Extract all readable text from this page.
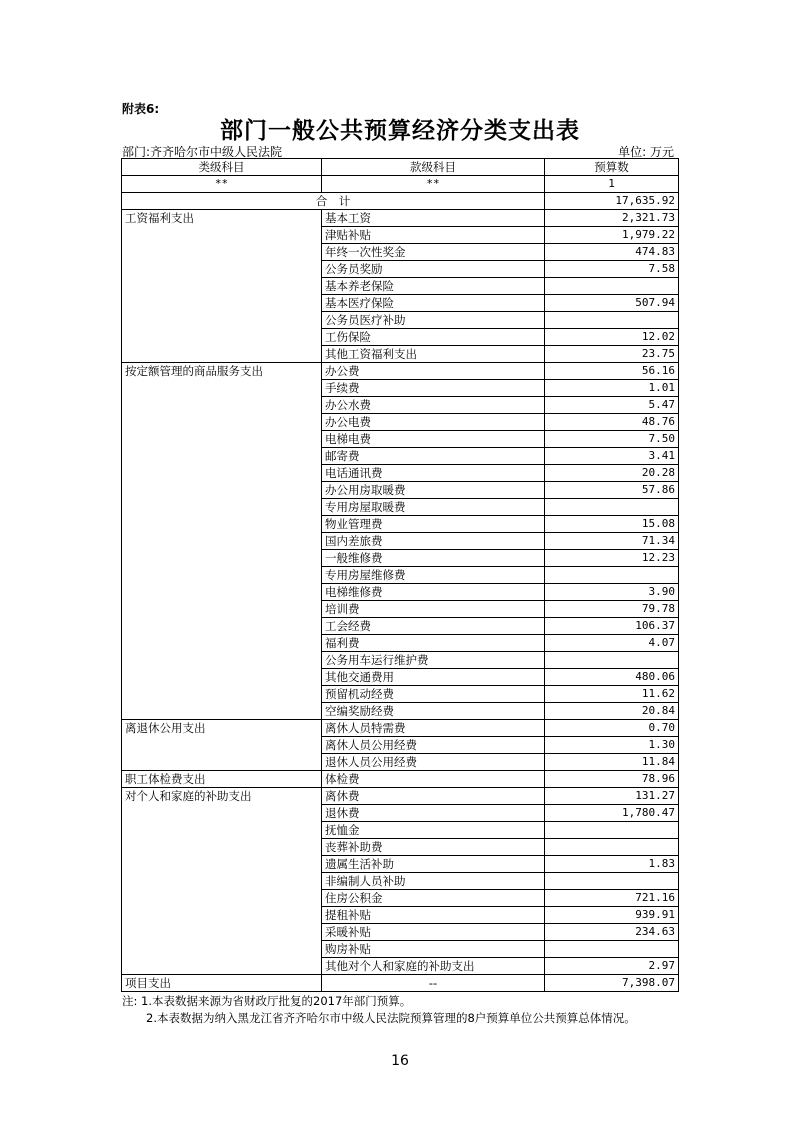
附表6:
部门一般公共预算经济分类支出表
部门:齐齐哈尔市中级人民法院	单位: 万元
类级科目	款级科目	预算数
**	**	1
合　计		17,635.92
工资福利支出	基本工资	2,321.73
	津贴补贴	1,979.22
	年终一次性奖金	474.83
	公务员奖励	7.58
	基本养老保险	
	基本医疗保险	507.94
	公务员医疗补助	
	工伤保险	12.02
	其他工资福利支出	23.75
按定额管理的商品服务支出	办公费	56.16
	手续费	1.01
	办公水费	5.47
	办公电费	48.76
	电梯电费	7.50
	邮寄费	3.41
	电话通讯费	20.28
	办公用房取暖费	57.86
	专用房屋取暖费	
	物业管理费	15.08
	国内差旅费	71.34
	一般维修费	12.23
	专用房屋维修费	
	电梯维修费	3.90
	培训费	79.78
	工会经费	106.37
	福利费	4.07
	公务用车运行维护费	
	其他交通费用	480.06
	预留机动经费	11.62
	空编奖励经费	20.84
离退休公用支出	离休人员特需费	0.70
	离休人员公用经费	1.30
	退休人员公用经费	11.84
职工体检费支出	体检费	78.96
对个人和家庭的补助支出	离休费	131.27
	退休费	1,780.47
	抚恤金	
	丧葬补助费	
	遗属生活补助	1.83
	非编制人员补助	
	住房公积金	721.16
	提租补贴	939.91
	采暖补贴	234.63
	购房补贴	
	其他对个人和家庭的补助支出	2.97
项目支出	--	7,398.07
注: 1.本表数据来源为省财政厅批复的2017年部门预算。
2.本表数据为纳入黑龙江省齐齐哈尔市中级人民法院预算管理的8户预算单位公共预算总体情况。
16
